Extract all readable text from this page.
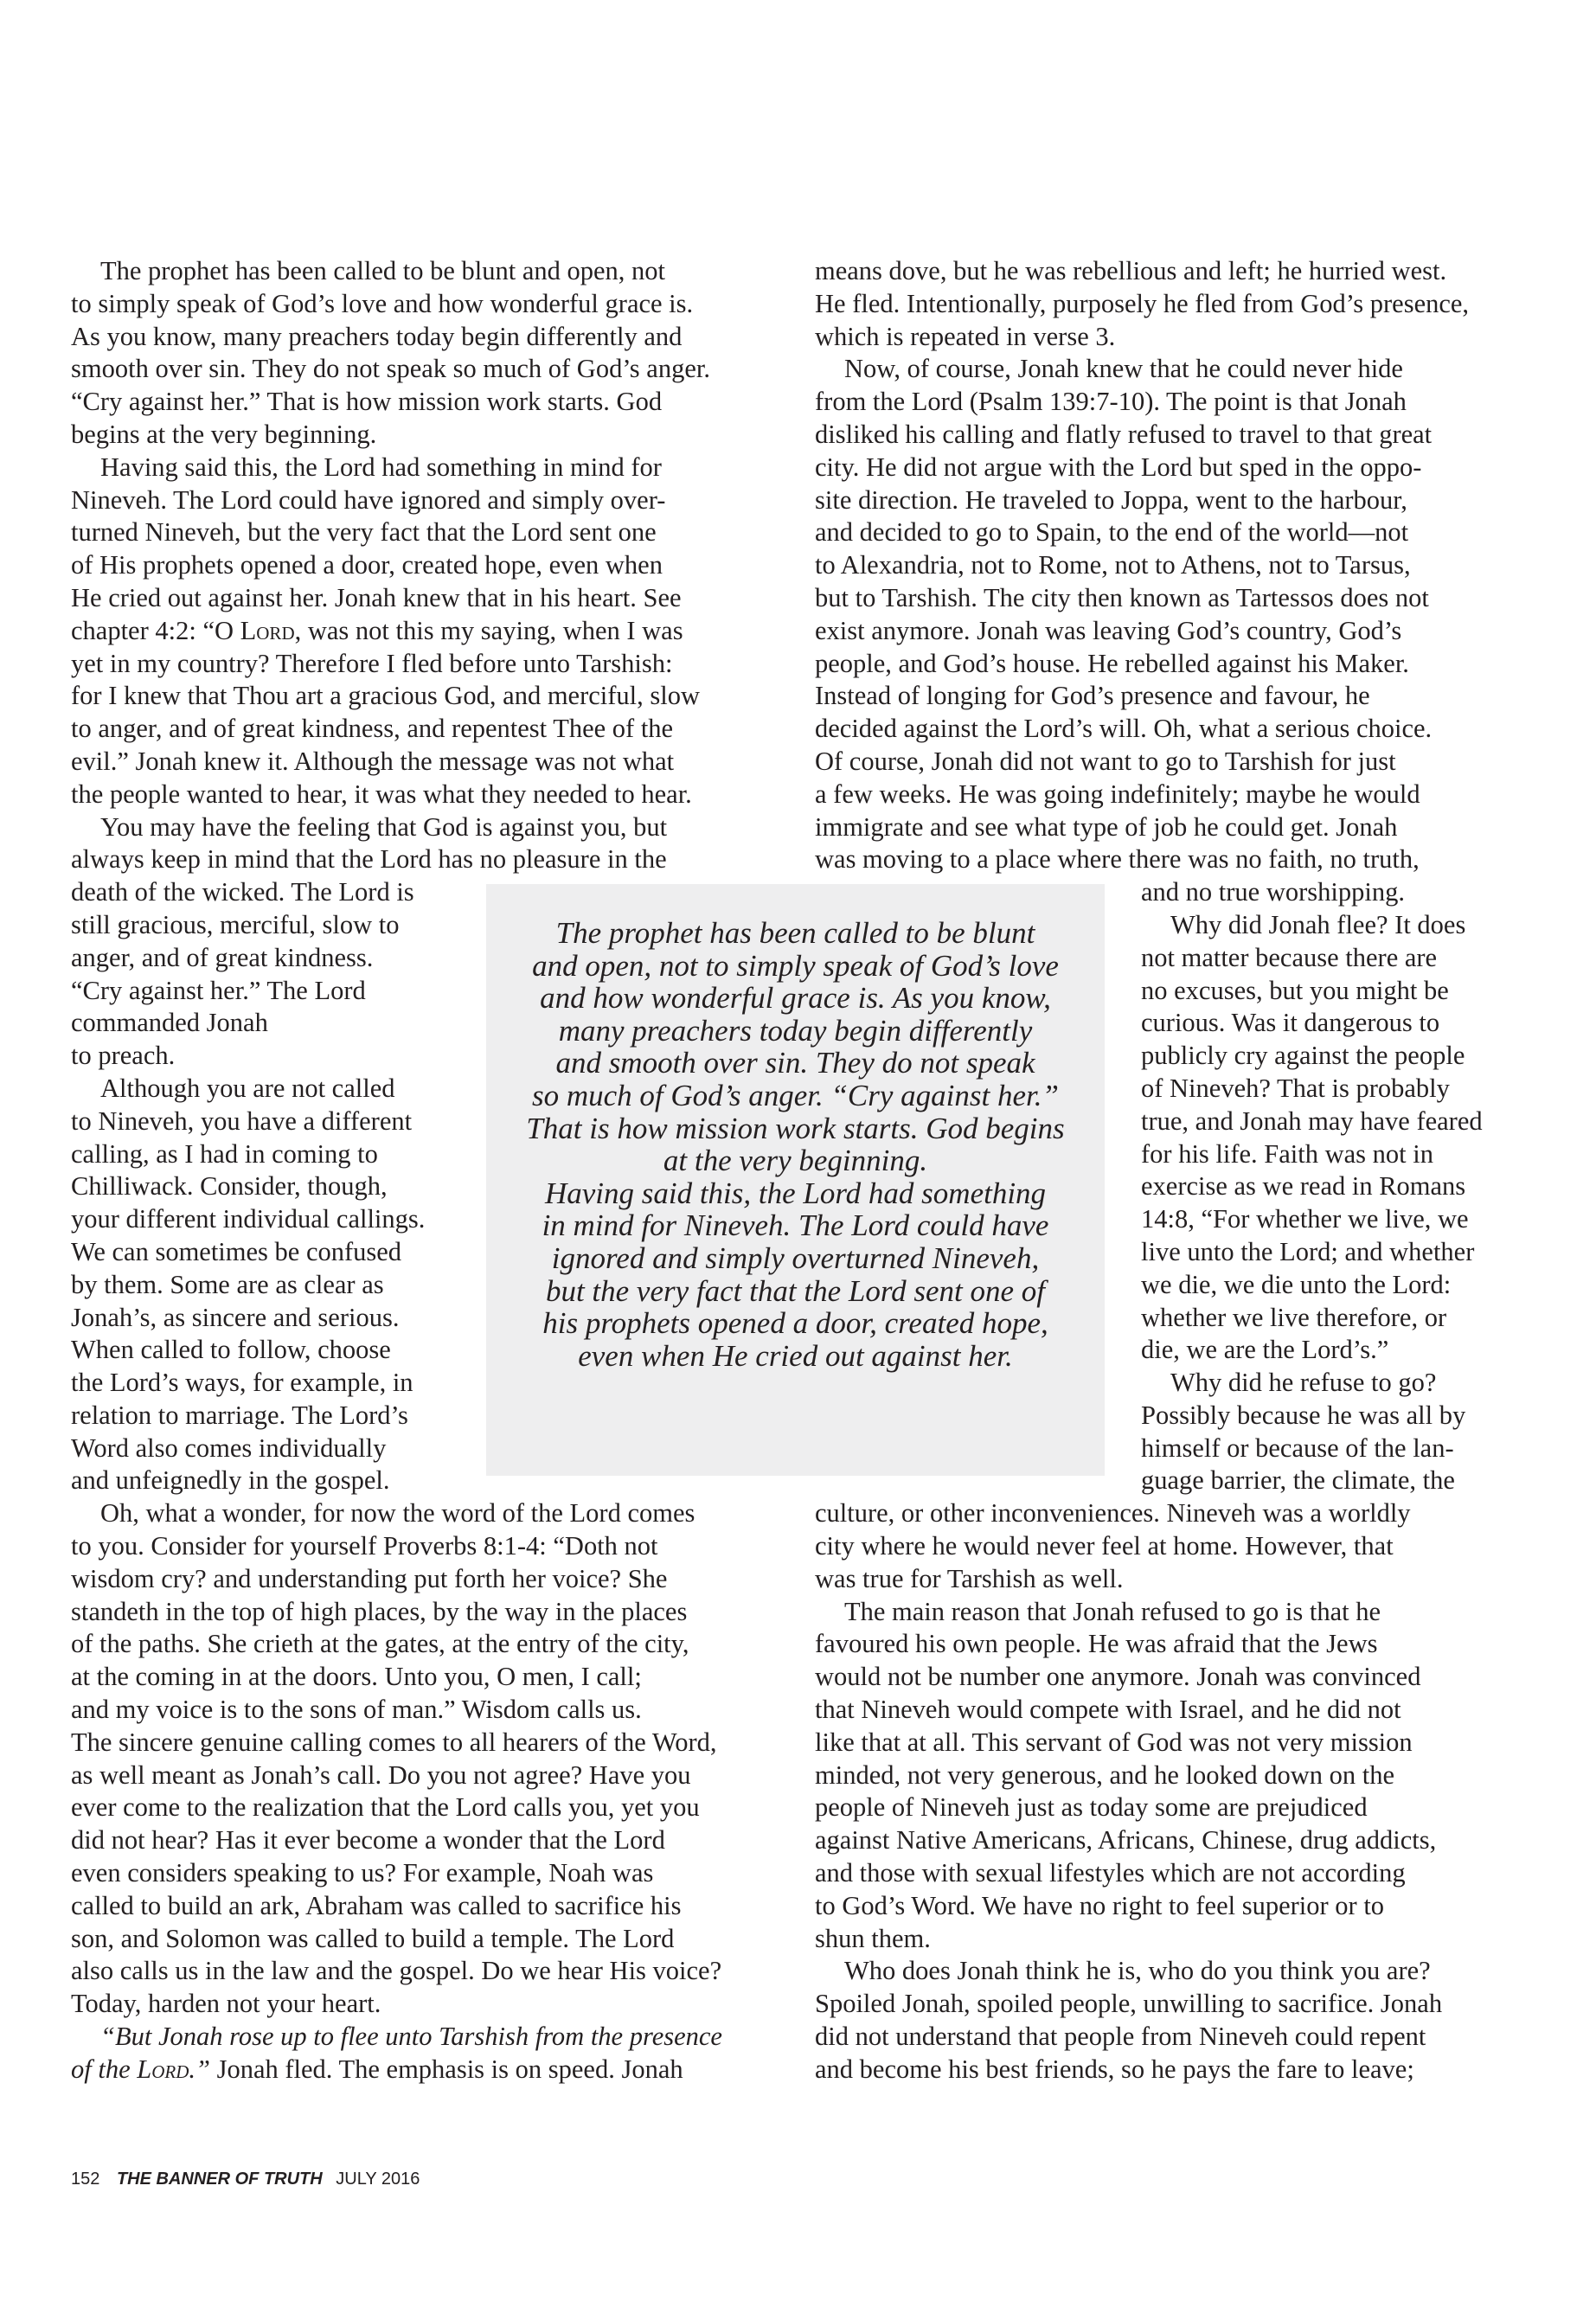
The prophet has been called to be blunt and open, not
to simply speak of God’s love and how wonderful grace is.
As you know, many preachers today begin differently and
smooth over sin. They do not speak so much of God’s anger.
“Cry against her.” That is how mission work starts. God
begins at the very beginning.
Having said this, the Lord had something in mind for
Nineveh. The Lord could have ignored and simply over-
turned Nineveh, but the very fact that the Lord sent one
of His prophets opened a door, created hope, even when
He cried out against her. Jonah knew that in his heart. See
chapter 4:2: “O Lord, was not this my saying, when I was
yet in my country? Therefore I fled before unto Tarshish:
for I knew that Thou art a gracious God, and merciful, slow
to anger, and of great kindness, and repentest Thee of the
evil.” Jonah knew it. Although the message was not what
the people wanted to hear, it was what they needed to hear.
You may have the feeling that God is against you, but
always keep in mind that the Lord has no pleasure in the
death of the wicked. The Lord is
still gracious, merciful, slow to
anger, and of great kindness.
“Cry against her.” The Lord
commanded Jonah
to preach.
Although you are not called
to Nineveh, you have a different
calling, as I had in coming to
Chilliwack. Consider, though,
your different individual callings.
We can sometimes be confused
by them. Some are as clear as
Jonah’s, as sincere and serious.
When called to follow, choose
the Lord’s ways, for example, in
relation to marriage. The Lord’s
Word also comes individually
and unfeignedly in the gospel.
Oh, what a wonder, for now the word of the Lord comes
to you. Consider for yourself Proverbs 8:1-4: “Doth not
wisdom cry? and understanding put forth her voice? She
standeth in the top of high places, by the way in the places
of the paths. She crieth at the gates, at the entry of the city,
at the coming in at the doors. Unto you, O men, I call;
and my voice is to the sons of man.” Wisdom calls us.
The sincere genuine calling comes to all hearers of the Word,
as well meant as Jonah’s call. Do you not agree? Have you
ever come to the realization that the Lord calls you, yet you
did not hear? Has it ever become a wonder that the Lord
even considers speaking to us? For example, Noah was
called to build an ark, Abraham was called to sacrifice his
son, and Solomon was called to build a temple. The Lord
also calls us in the law and the gospel. Do we hear His voice?
Today, harden not your heart.
“But Jonah rose up to flee unto Tarshish from the presence
of the Lord.” Jonah fled. The emphasis is on speed. Jonah
means dove, but he was rebellious and left; he hurried west.
He fled. Intentionally, purposely he fled from God’s presence,
which is repeated in verse 3.
Now, of course, Jonah knew that he could never hide
from the Lord (Psalm 139:7-10). The point is that Jonah
disliked his calling and flatly refused to travel to that great
city. He did not argue with the Lord but sped in the oppo-
site direction. He traveled to Joppa, went to the harbour,
and decided to go to Spain, to the end of the world—not
to Alexandria, not to Rome, not to Athens, not to Tarsus,
but to Tarshish. The city then known as Tartessos does not
exist anymore. Jonah was leaving God’s country, God’s
people, and God’s house. He rebelled against his Maker.
Instead of longing for God’s presence and favour, he
decided against the Lord’s will. Oh, what a serious choice.
Of course, Jonah did not want to go to Tarshish for just
a few weeks. He was going indefinitely; maybe he would
immigrate and see what type of job he could get. Jonah
was moving to a place where there was no faith, no truth,
and no true worshipping.
Why did Jonah flee? It does
not matter because there are
no excuses, but you might be
curious. Was it dangerous to
publicly cry against the people
of Nineveh? That is probably
true, and Jonah may have feared
for his life. Faith was not in
exercise as we read in Romans
14:8, “For whether we live, we
live unto the Lord; and whether
we die, we die unto the Lord:
whether we live therefore, or
die, we are the Lord’s.”
Why did he refuse to go?
Possibly because he was all by
himself or because of the lan-
guage barrier, the climate, the
culture, or other inconveniences. Nineveh was a worldly
city where he would never feel at home. However, that
was true for Tarshish as well.
The main reason that Jonah refused to go is that he
favoured his own people. He was afraid that the Jews
would not be number one anymore. Jonah was convinced
that Nineveh would compete with Israel, and he did not
like that at all. This servant of God was not very mission
minded, not very generous, and he looked down on the
people of Nineveh just as today some are prejudiced
against Native Americans, Africans, Chinese, drug addicts,
and those with sexual lifestyles which are not according
to God’s Word. We have no right to feel superior or to
shun them.
Who does Jonah think he is, who do you think you are?
Spoiled Jonah, spoiled people, unwilling to sacrifice. Jonah
did not understand that people from Nineveh could repent
and become his best friends, so he pays the fare to leave;
The prophet has been called to be blunt
and open, not to simply speak of God’s love
and how wonderful grace is. As you know,
many preachers today begin differently
and smooth over sin. They do not speak
so much of God’s anger. “Cry against her.”
That is how mission work starts. God begins
at the very beginning.
Having said this, the Lord had something
in mind for Nineveh. The Lord could have
ignored and simply overturned Nineveh,
but the very fact that the Lord sent one of
his prophets opened a door, created hope,
even when He cried out against her.
152 THE BANNER OF TRUTH JULY 2016
